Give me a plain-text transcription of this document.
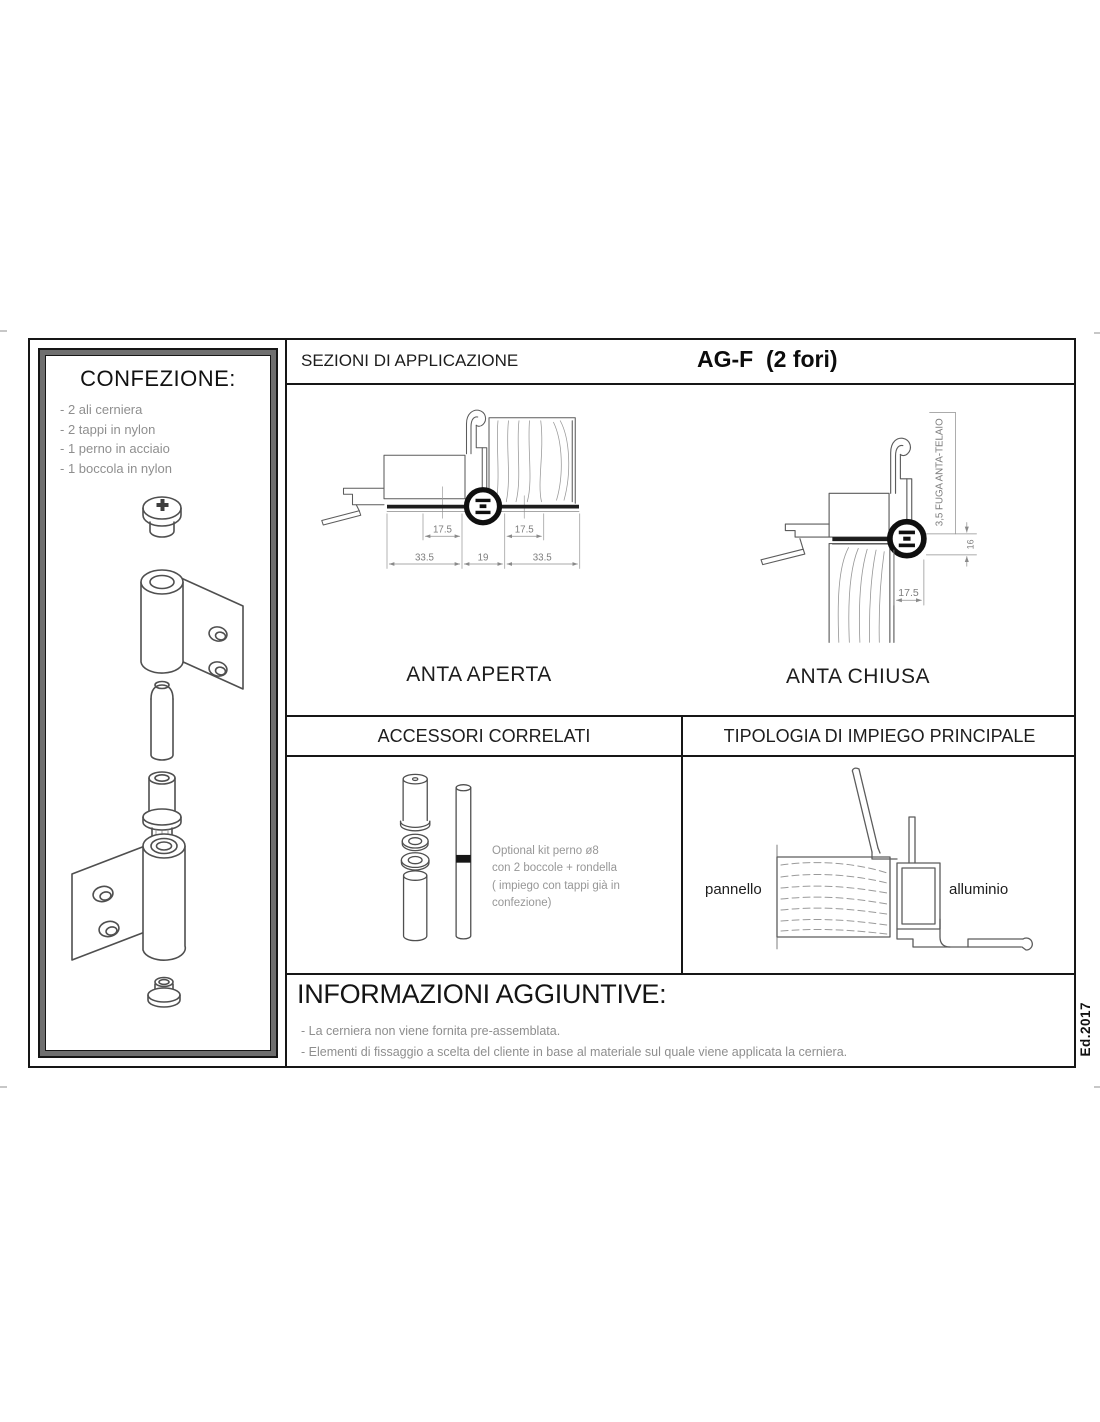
CONFEZIONE:
- 2 ali cerniera
- 2 tappi in nylon
- 1 perno in acciaio
- 1 boccola in nylon
SEZIONI DI APPLICAZIONE	AG-F  (2 fori)
17.5	17.5
33.5	19	33.5
ANTA APERTA
3,5 FUGA ANTA-TELAIO
16
17.5
ANTA CHIUSA
ACCESSORI CORRELATI	TIPOLOGIA DI IMPIEGO PRINCIPALE
Optional kit perno ø8
con 2 boccole + rondella
( impiego con tappi già in confezione)
pannello	alluminio
INFORMAZIONI AGGIUNTIVE:
- La cerniera non viene fornita pre-assemblata.
- Elementi di fissaggio a scelta del cliente in base al materiale sul quale viene applicata la cerniera.	Ed.2017
